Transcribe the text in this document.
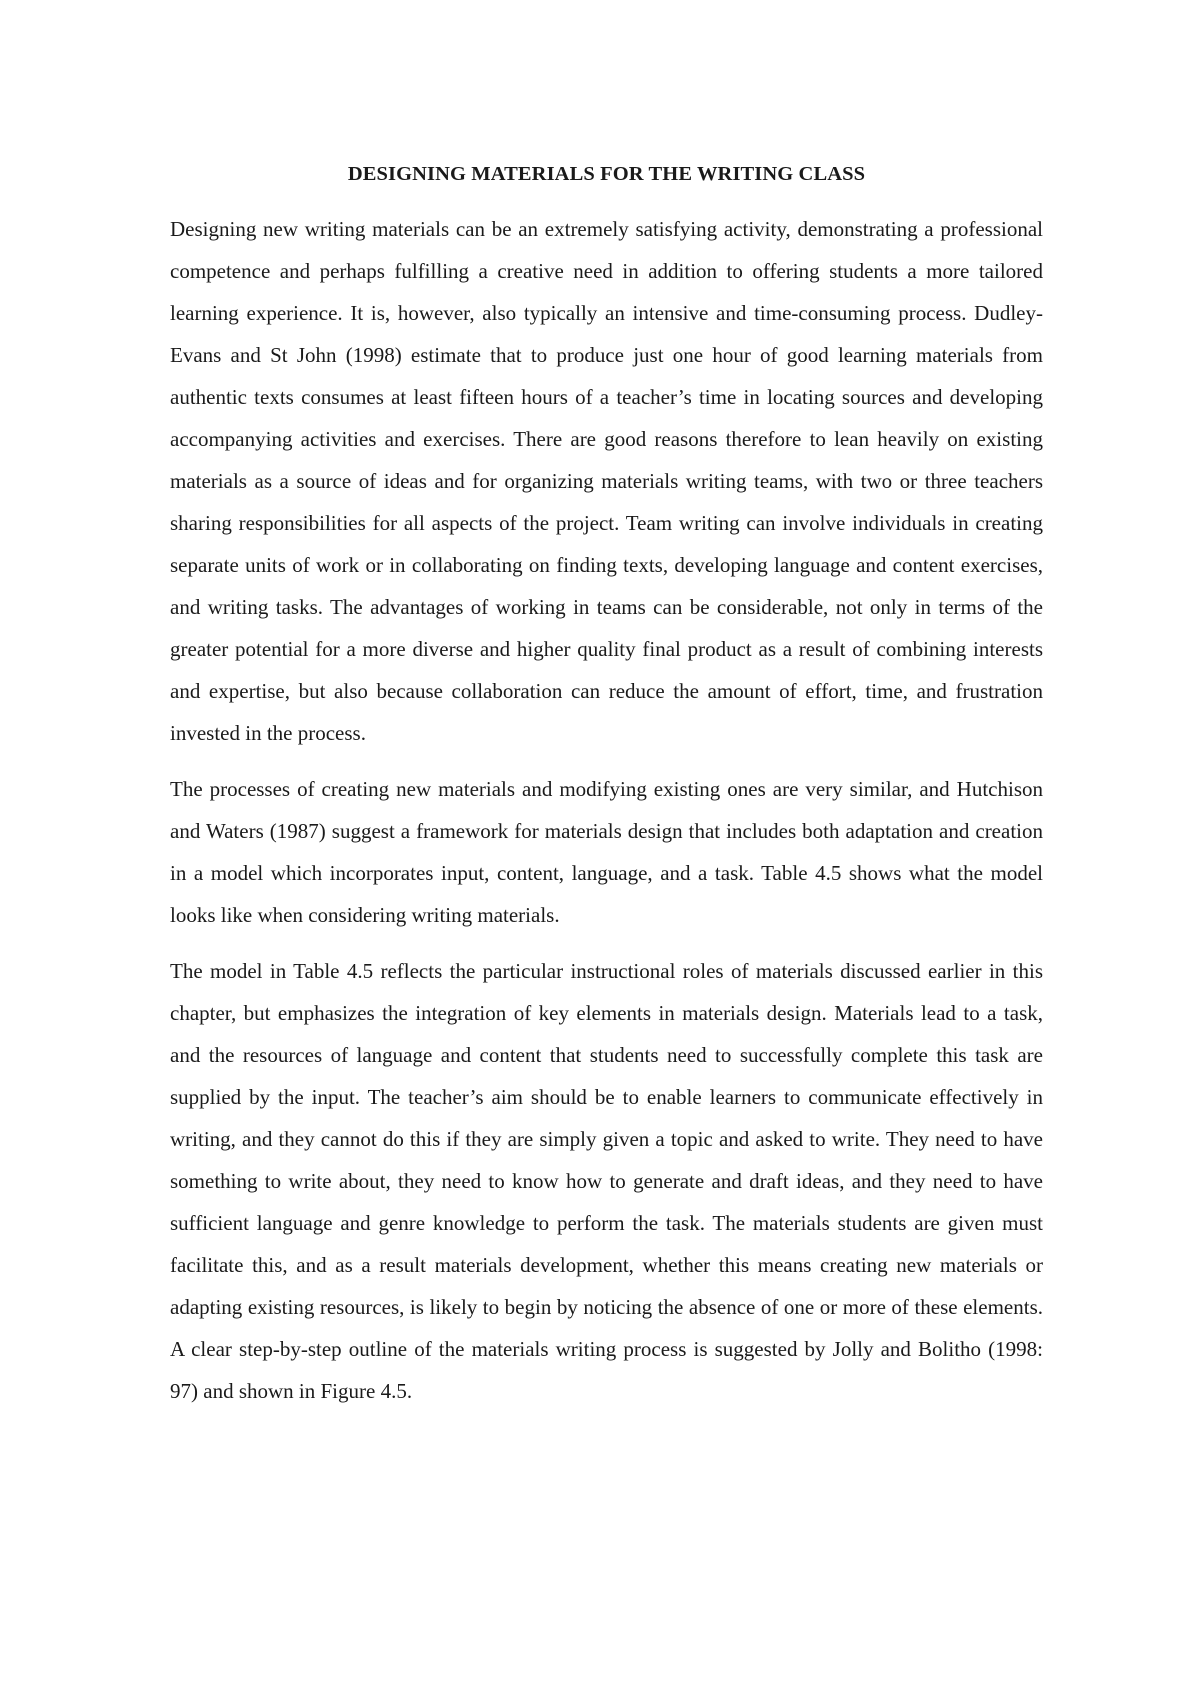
DESIGNING MATERIALS FOR THE WRITING CLASS

Designing new writing materials can be an extremely satisfying activity, demonstrating a professional competence and perhaps fulfilling a creative need in addition to offering students a more tailored learning experience. It is, however, also typically an intensive and time-consuming process. Dudley-Evans and St John (1998) estimate that to produce just one hour of good learning materials from authentic texts consumes at least fifteen hours of a teacher’s time in locating sources and developing accompanying activities and exercises. There are good reasons therefore to lean heavily on existing materials as a source of ideas and for organizing materials writing teams, with two or three teachers sharing responsibilities for all aspects of the project. Team writing can involve individuals in creating separate units of work or in collaborating on finding texts, developing language and content exercises, and writing tasks. The advantages of working in teams can be considerable, not only in terms of the greater potential for a more diverse and higher quality final product as a result of combining interests and expertise, but also because collaboration can reduce the amount of effort, time, and frustration invested in the process.

The processes of creating new materials and modifying existing ones are very similar, and Hutchison and Waters (1987) suggest a framework for materials design that includes both adaptation and creation in a model which incorporates input, content, language, and a task. Table 4.5 shows what the model looks like when considering writing materials.

The model in Table 4.5 reflects the particular instructional roles of materials discussed earlier in this chapter, but emphasizes the integration of key elements in materials design. Materials lead to a task, and the resources of language and content that students need to successfully complete this task are supplied by the input. The teacher’s aim should be to enable learners to communicate effectively in writing, and they cannot do this if they are simply given a topic and asked to write. They need to have something to write about, they need to know how to generate and draft ideas, and they need to have sufficient language and genre knowledge to perform the task. The materials students are given must facilitate this, and as a result materials development, whether this means creating new materials or adapting existing resources, is likely to begin by noticing the absence of one or more of these elements. A clear step-by-step outline of the materials writing process is suggested by Jolly and Bolitho (1998: 97) and shown in Figure 4.5.
